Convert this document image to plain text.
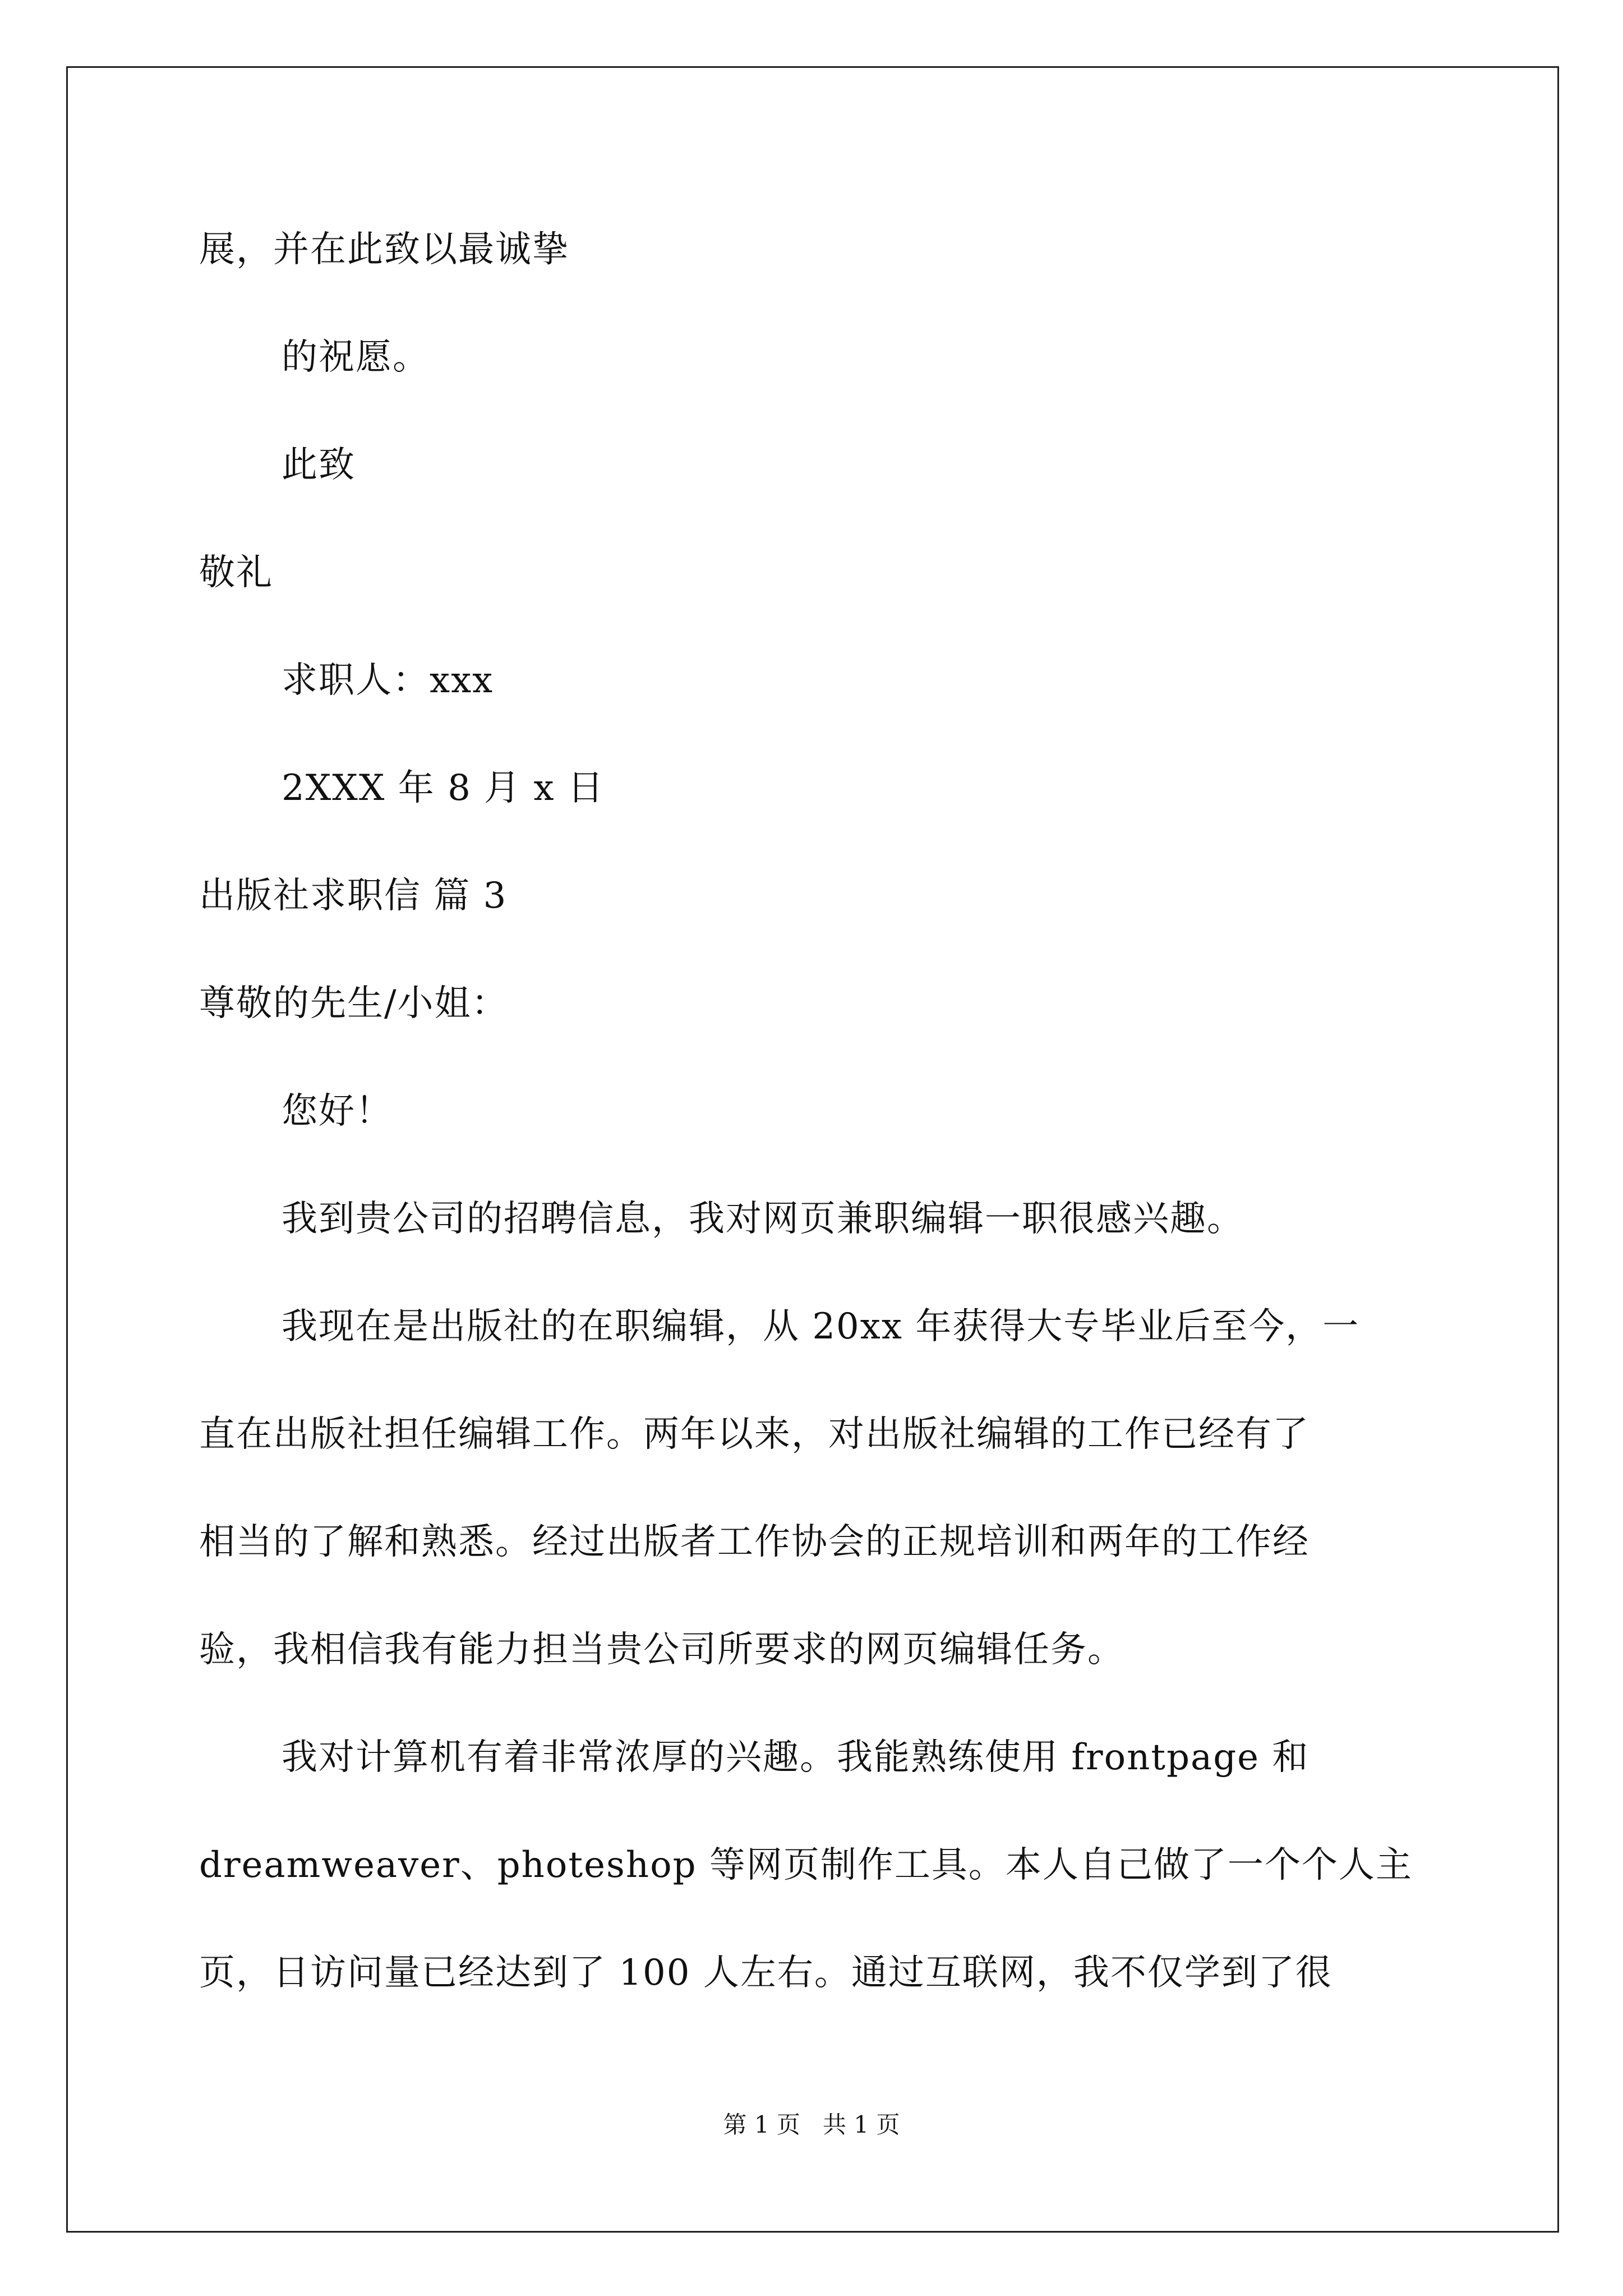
展，并在此致以最诚挚
的祝愿。
此致
敬礼
求职人：xxx
2XXX 年 8 月 x 日
出版社求职信 篇 3
尊敬的先生/小姐：
您好！
我到贵公司的招聘信息，我对网页兼职编辑一职很感兴趣。
我现在是出版社的在职编辑，从 20xx 年获得大专毕业后至今，一
直在出版社担任编辑工作。两年以来，对出版社编辑的工作已经有了
相当的了解和熟悉。经过出版者工作协会的正规培训和两年的工作经
验，我相信我有能力担当贵公司所要求的网页编辑任务。
我对计算机有着非常浓厚的兴趣。我能熟练使用 frontpage 和
dreamweaver、photeshop 等网页制作工具。本人自己做了一个个人主
页，日访问量已经达到了 100 人左右。通过互联网，我不仅学到了很
第 1 页   共 1 页
